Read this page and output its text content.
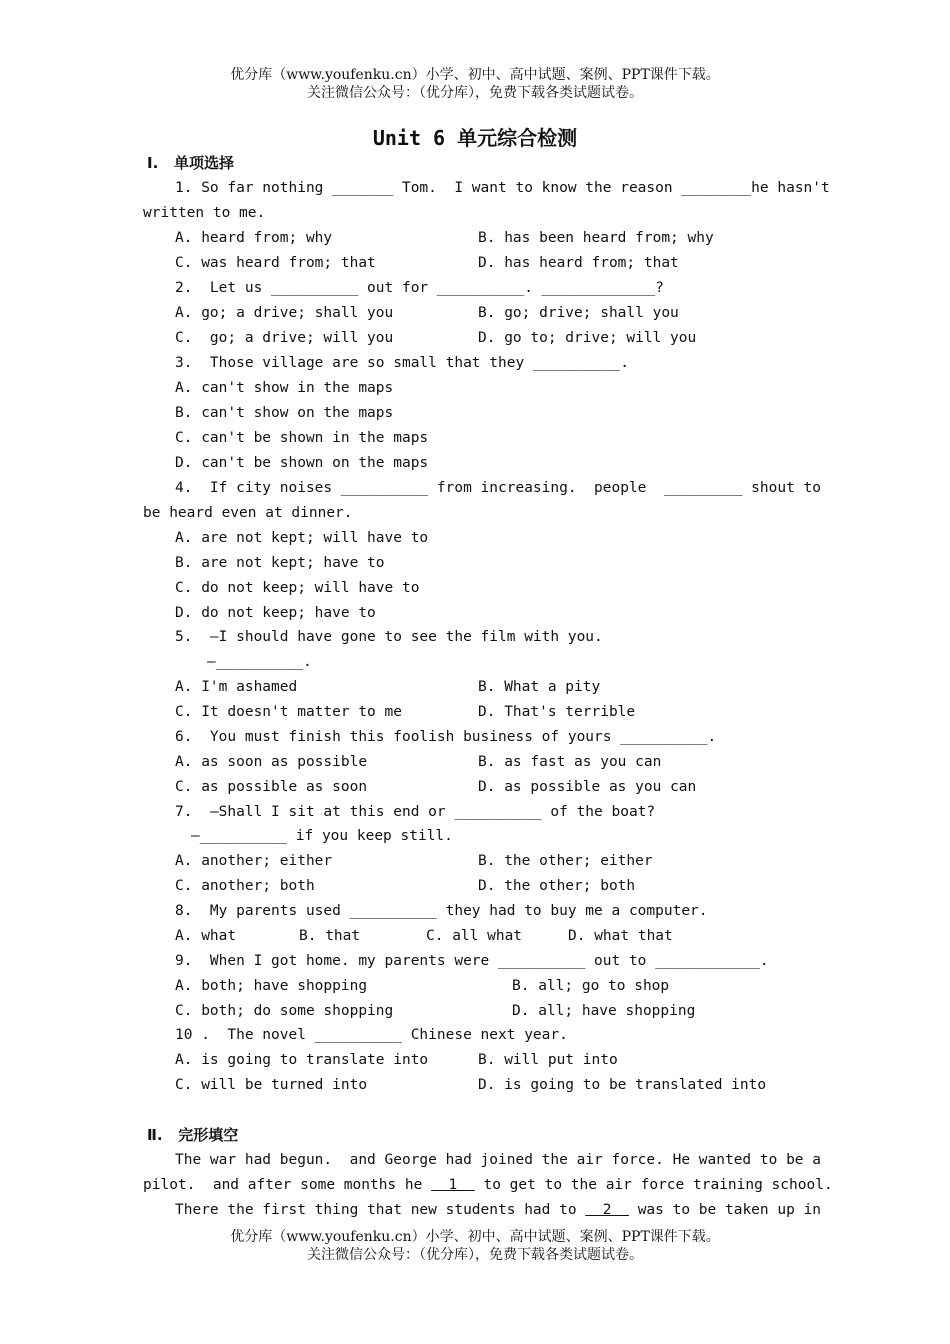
优分库（www.youfenku.cn）小学、初中、高中试题、案例、PPT课件下载。
关注微信公众号：（优分库），免费下载各类试题试卷。
Unit 6 单元综合检测
Ⅰ. 单项选择
1. So far nothing _______ Tom.  I want to know the reason ________he hasn't
written to me.
A. heard from; why	B. has been heard from; why
C. was heard from; that	D. has heard from; that
2.  Let us __________ out for __________. _____________?
A. go; a drive; shall you	B. go; drive; shall you
C.  go; a drive; will you	D. go to; drive; will you
3.  Those village are so small that they __________.
A. can't show in the maps
B. can't show on the maps
C. can't be shown in the maps
D. can't be shown on the maps
4.  If city noises __________ from increasing.  people  _________ shout to
be heard even at dinner.
A. are not kept; will have to
B. are not kept; have to
C. do not keep; will have to
D. do not keep; have to
5.  —I should have gone to see the film with you.
—__________.
A. I'm ashamed	B. What a pity
C. It doesn't matter to me	D. That's terrible
6.  You must finish this foolish business of yours __________.
A. as soon as possible	B. as fast as you can
C. as possible as soon	D. as possible as you can
7.  —Shall I sit at this end or __________ of the boat?
—__________ if you keep still.
A. another; either	B. the other; either
C. another; both	D. the other; both
8.  My parents used __________ they had to buy me a computer.
A. what	B. that	C. all what	D. what that
9.  When I got home. my parents were __________ out to ____________.
A. both; have shopping	B. all; go to shop
C. both; do some shopping	D. all; have shopping
10 .  The novel __________ Chinese next year.
A. is going to translate into	B. will put into
C. will be turned into	D. is going to be translated into
Ⅱ. 完形填空
The war had begun.  and George had joined the air force. He wanted to be a
pilot.  and after some months he   1   to get to the air force training school.
There the first thing that new students had to   2   was to be taken up in
优分库（www.youfenku.cn）小学、初中、高中试题、案例、PPT课件下载。
关注微信公众号：（优分库），免费下载各类试题试卷。
